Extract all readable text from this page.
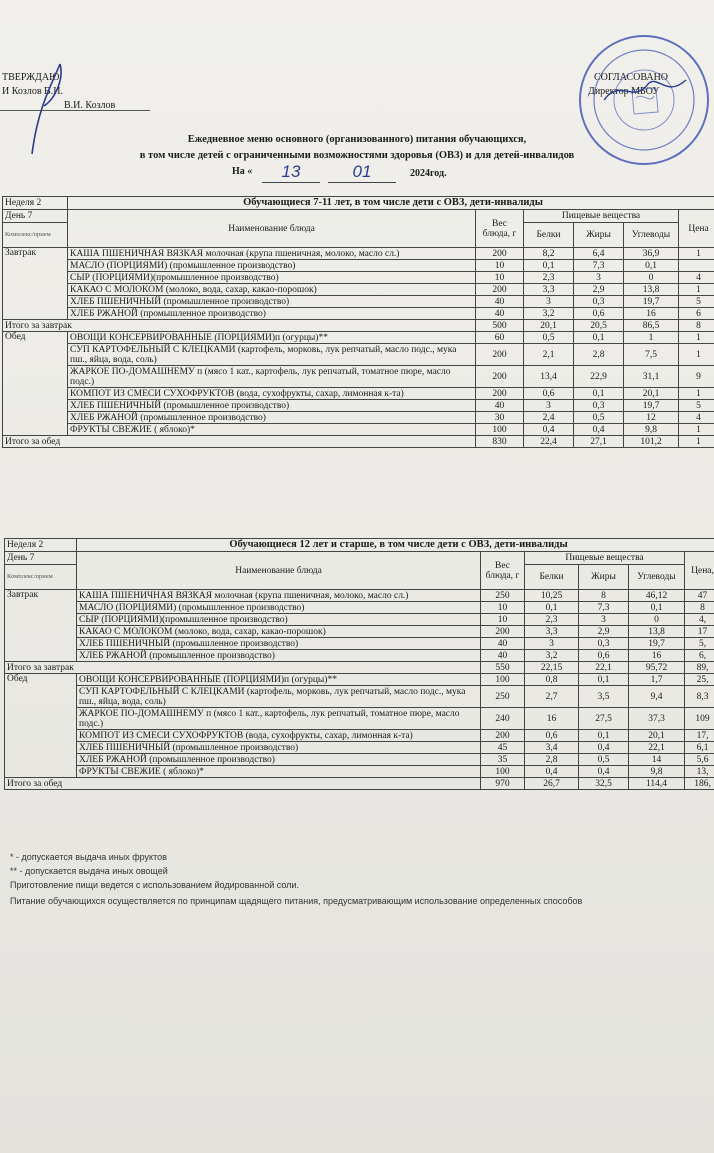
ТВЕРЖДАЮ
И Козлов В.И.
В.И. Козлов
СОГЛАСОВАНО
Директор МБОУ
Ежедневное меню основного (организованного) питания обучающихся,
в том числе детей с ограниченными возможностями здоровья (ОВЗ) и для детей-инвалидов
На «	13	01	2024год.
Неделя 2	Обучающиеся 7-11 лет, в том числе дети с ОВЗ, дети-инвалиды					
День 7	Наименование блюда	Вес блюда, г	Пищевые вещества			Цена
Комплекс/прием			Белки	Жиры	Углеводы	

Завтрак	КАША ПШЕНИЧНАЯ ВЯЗКАЯ молочная (крупа пшеничная, молоко, масло сл.)	200	8,2	6,4	36,9	1
	МАСЛО (ПОРЦИЯМИ) (промышленное производство)	10	0,1	7,3	0,1	
	СЫР (ПОРЦИЯМИ)(промышленное производство)	10	2,3	3	0	4
	КАКАО С МОЛОКОМ (молоко, вода, сахар, какао-порошок)	200	3,3	2,9	13,8	1
	ХЛЕБ ПШЕНИЧНЫЙ (промышленное производство)	40	3	0,3	19,7	5
	ХЛЕБ РЖАНОЙ (промышленное производство)	40	3,2	0,6	16	6
Итого за завтрак		500	20,1	20,5	86,5	8
Обед	ОВОЩИ КОНСЕРВИРОВАННЫЕ (ПОРЦИЯМИ)п (огурцы)**	60	0,5	0,1	1	1
	СУП КАРТОФЕЛЬНЫЙ С КЛЕЦКАМИ (картофель, морковь, лук репчатый, масло подс., мука пш., яйца, вода, соль)	200	2,1	2,8	7,5	1
	ЖАРКОЕ ПО-ДОМАШНЕМУ п (мясо 1 кат., картофель, лук репчатый, томатное пюре, масло подс.)	200	13,4	22,9	31,1	9
	КОМПОТ ИЗ СМЕСИ СУХОФРУКТОВ (вода, сухофрукты, сахар, лимонная к-та)	200	0,6	0,1	20,1	1
	ХЛЕБ ПШЕНИЧНЫЙ (промышленное производство)	40	3	0,3	19,7	5
	ХЛЕБ РЖАНОЙ (промышленное производство)	30	2,4	0,5	12	4
	ФРУКТЫ СВЕЖИЕ ( яблоко)*	100	0,4	0,4	9,8	1
Итого за обед		830	22,4	27,1	101,2	1
Неделя 2	Обучающиеся 12 лет и старше, в том числе дети с ОВЗ, дети-инвалиды					
День 7	Наименование блюда	Вес блюда, г	Пищевые вещества			Цена,
Комплекс/прием			Белки	Жиры	Углеводы	

Завтрак	КАША ПШЕНИЧНАЯ ВЯЗКАЯ молочная (крупа пшеничная, молоко, масло сл.)	250	10,25	8	46,12	47
	МАСЛО (ПОРЦИЯМИ) (промышленное производство)	10	0,1	7,3	0,1	8
	СЫР (ПОРЦИЯМИ)(промышленное производство)	10	2,3	3	0	4,
	КАКАО С МОЛОКОМ (молоко, вода, сахар, какао-порошок)	200	3,3	2,9	13,8	17
	ХЛЕБ ПШЕНИЧНЫЙ (промышленное производство)	40	3	0,3	19,7	5,
	ХЛЕБ РЖАНОЙ (промышленное производство)	40	3,2	0,6	16	6,
Итого за завтрак		550	22,15	22,1	95,72	89,
Обед	ОВОЩИ КОНСЕРВИРОВАННЫЕ (ПОРЦИЯМИ)п (огурцы)**	100	0,8	0,1	1,7	25,
	СУП КАРТОФЕЛЬНЫЙ С КЛЕЦКАМИ (картофель, морковь, лук репчатый, масло подс., мука пш., яйца, вода, соль)	250	2,7	3,5	9,4	8,3
	ЖАРКОЕ ПО-ДОМАШНЕМУ п (мясо 1 кат., картофель, лук репчатый, томатное пюре, масло подс.)	240	16	27,5	37,3	109
	КОМПОТ ИЗ СМЕСИ СУХОФРУКТОВ (вода, сухофрукты, сахар, лимонная к-та)	200	0,6	0,1	20,1	17,
	ХЛЕБ ПШЕНИЧНЫЙ (промышленное производство)	45	3,4	0,4	22,1	6,1
	ХЛЕБ РЖАНОЙ (промышленное производство)	35	2,8	0,5	14	5,6
	ФРУКТЫ СВЕЖИЕ ( яблоко)*	100	0,4	0,4	9,8	13,
Итого за обед		970	26,7	32,5	114,4	186,
* - допускается выдача иных фруктов
** - допускается выдача иных овощей
Приготовление пищи ведется с использованием йодированной соли.
Питание обучающихся осуществляется по принципам щадящего питания, предусматривающим использование определенных способов
